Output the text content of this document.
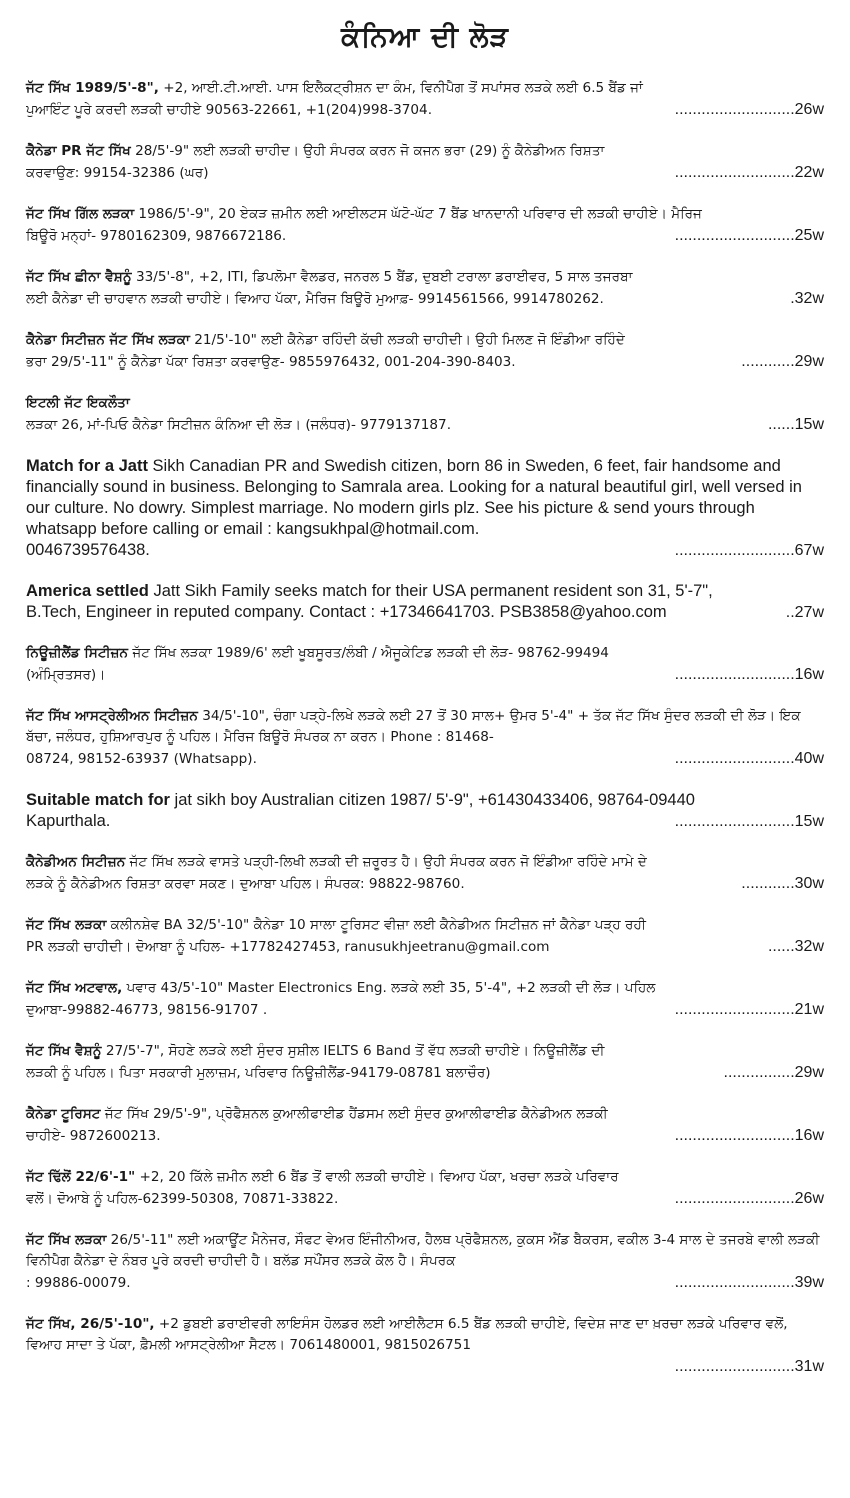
ਕੰਨਿਆ ਦੀ ਲੋੜ
ਜੱਟ ਸਿੱਖ 1989/5'-8", +2, ਆਈ.ਟੀ.ਆਈ. ਪਾਸ ਇਲੈਕਟ੍ਰੀਸ਼ਨ ਦਾ ਕੰਮ, ਵਿਨੀਪੈਗ ਤੋਂ ਸਪਾਂਸਰ ਲੜਕੇ ਲਈ 6.5 ਬੈਂਡ ਜਾਂ
ਪੁਆਇੰਟ ਪੂਰੇ ਕਰਦੀ ਲੜਕੀ ਚਾਹੀਏ 90563-22661, +1(204)998-3704.	...........................26w
ਕੈਨੇਡਾ PR ਜੱਟ ਸਿੱਖ 28/5'-9" ਲਈ ਲੜਕੀ ਚਾਹੀਦ। ਉਹੀ ਸੰਪਰਕ ਕਰਨ ਜੋ ਕਜਨ ਭਰਾ (29) ਨੂੰ ਕੈਨੇਡੀਅਨ ਰਿਸ਼ਤਾ
ਕਰਵਾਉਣ: 99154-32386 (ਘਰ)	...........................22w
ਜੱਟ ਸਿੱਖ ਗਿੱਲ ਲੜਕਾ 1986/5'-9", 20 ਏਕੜ ਜ਼ਮੀਨ ਲਈ ਆਈਲਟਸ ਘੱਟੋ-ਘੱਟ 7 ਬੈਂਡ ਖਾਨਦਾਨੀ ਪਰਿਵਾਰ ਦੀ ਲੜਕੀ ਚਾਹੀਏ। ਮੈਰਿਜ
ਬਿਊਰੋ ਮਨ੍ਹਾਂ- 9780162309, 9876672186.	...........................25w
ਜੱਟ ਸਿੱਖ ਛੀਨਾ ਵੈਸ਼ਨੂੰ 33/5'-8", +2, ITI, ਡਿਪਲੋਮਾ ਵੈਲਡਰ, ਜਨਰਲ 5 ਬੈਂਡ, ਦੁਬਈ ਟਰਾਲਾ ਡਰਾਈਵਰ, 5 ਸਾਲ ਤਜਰਬਾ
ਲਈ ਕੈਨੇਡਾ ਦੀ ਚਾਹਵਾਨ ਲੜਕੀ ਚਾਹੀਏ। ਵਿਆਹ ਪੱਕਾ, ਮੈਰਿਜ ਬਿਊਰੋ ਮੁਆਫ਼- 9914561566, 9914780262.	.32w
ਕੈਨੇਡਾ ਸਿਟੀਜ਼ਨ ਜੱਟ ਸਿੱਖ ਲੜਕਾ 21/5'-10" ਲਈ ਕੈਨੇਡਾ ਰਹਿੰਦੀ ਕੱਚੀ ਲੜਕੀ ਚਾਹੀਦੀ। ਉਹੀ ਮਿਲਣ ਜੋ ਇੰਡੀਆ ਰਹਿੰਦੇ
ਭਰਾ 29/5'-11" ਨੂੰ ਕੈਨੇਡਾ ਪੱਕਾ ਰਿਸ਼ਤਾ ਕਰਵਾਉਣ- 9855976432, 001-204-390-8403.	............29w
ਇਟਲੀ ਜੱਟ ਇਕਲੌਤਾ
ਲੜਕਾ 26, ਮਾਂ-ਪਿਓ ਕੈਨੇਡਾ ਸਿਟੀਜ਼ਨ ਕੰਨਿਆ ਦੀ ਲੋੜ। (ਜਲੰਧਰ)- 9779137187.	......15w
Match for a Jatt Sikh Canadian PR and Swedish citizen, born 86 in Sweden, 6 feet, fair handsome and financially sound in business. Belonging to Samrala area. Looking for a natural beautiful girl, well versed in our culture. No dowry. Simplest marriage. No modern girls plz. See his picture & send yours through whatsapp before calling or email : kangsukhpal@hotmail.com.
0046739576438.	...........................67w
America settled Jatt Sikh Family seeks match for their USA permanent resident son 31, 5'-7",
B.Tech, Engineer in reputed company. Contact : +17346641703. PSB3858@yahoo.com	..27w
ਨਿਊਜ਼ੀਲੈਂਡ ਸਿਟੀਜ਼ਨ ਜੱਟ ਸਿੱਖ ਲੜਕਾ 1989/6' ਲਈ ਖੂਬਸੂਰਤ/ਲੰਬੀ / ਐਜੂਕੇਟਿਡ ਲੜਕੀ ਦੀ ਲੋੜ- 98762-99494
(ਅੰਮ੍ਰਿਤਸਰ)।	...........................16w
ਜੱਟ ਸਿੱਖ ਆਸਟ੍ਰੇਲੀਅਨ ਸਿਟੀਜ਼ਨ 34/5'-10", ਚੰਗਾ ਪੜ੍ਹੇ-ਲਿਖੇ ਲੜਕੇ ਲਈ 27 ਤੋਂ 30 ਸਾਲ+ ਉਮਰ 5'-4" + ਤੱਕ ਜੱਟ ਸਿੱਖ ਸੁੰਦਰ ਲੜਕੀ ਦੀ ਲੋੜ। ਇਕ ਬੱਚਾ, ਜਲੰਧਰ, ਹੁਸ਼ਿਆਰਪੁਰ ਨੂੰ ਪਹਿਲ। ਮੈਰਿਜ ਬਿਊਰੋ ਸੰਪਰਕ ਨਾ ਕਰਨ। Phone : 81468-
08724, 98152-63937 (Whatsapp).	...........................40w
Suitable match for jat sikh boy Australian citizen 1987/ 5'-9", +61430433406, 98764-09440
Kapurthala.	...........................15w
ਕੈਨੇਡੀਅਨ ਸਿਟੀਜ਼ਨ ਜੱਟ ਸਿੱਖ ਲੜਕੇ ਵਾਸਤੇ ਪੜ੍ਹੀ-ਲਿਖੀ ਲੜਕੀ ਦੀ ਜ਼ਰੂਰਤ ਹੈ। ਉਹੀ ਸੰਪਰਕ ਕਰਨ ਜੋ ਇੰਡੀਆ ਰਹਿੰਦੇ ਮਾਮੇ ਦੇ
ਲੜਕੇ ਨੂੰ ਕੈਨੇਡੀਅਨ ਰਿਸ਼ਤਾ ਕਰਵਾ ਸਕਣ। ਦੁਆਬਾ ਪਹਿਲ। ਸੰਪਰਕ: 98822-98760.	............30w
ਜੱਟ ਸਿੱਖ ਲੜਕਾ ਕਲੀਨਸ਼ੇਵ BA 32/5'-10" ਕੈਨੇਡਾ 10 ਸਾਲਾ ਟੂਰਿਸਟ ਵੀਜ਼ਾ ਲਈ ਕੈਨੇਡੀਅਨ ਸਿਟੀਜ਼ਨ ਜਾਂ ਕੈਨੇਡਾ ਪੜ੍ਹ ਰਹੀ
PR ਲੜਕੀ ਚਾਹੀਦੀ। ਦੋਆਬਾ ਨੂੰ ਪਹਿਲ- +17782427453, ranusukhjeetranu@gmail.com	......32w
ਜੱਟ ਸਿੱਖ ਅਟਵਾਲ, ਪਵਾਰ 43/5'-10" Master Electronics Eng. ਲੜਕੇ ਲਈ 35, 5'-4", +2 ਲੜਕੀ ਦੀ ਲੋੜ। ਪਹਿਲ
ਦੁਆਬਾ-99882-46773, 98156-91707 .	...........................21w
ਜੱਟ ਸਿੱਖ ਵੈਸ਼ਨੂੰ 27/5'-7", ਸੋਹਣੇ ਲੜਕੇ ਲਈ ਸੁੰਦਰ ਸੁਸ਼ੀਲ IELTS 6 Band ਤੋਂ ਵੱਧ ਲੜਕੀ ਚਾਹੀਏ। ਨਿਊਜ਼ੀਲੈਂਡ ਦੀ
ਲੜਕੀ ਨੂੰ ਪਹਿਲ। ਪਿਤਾ ਸਰਕਾਰੀ ਮੁਲਾਜ਼ਮ, ਪਰਿਵਾਰ ਨਿਊਜ਼ੀਲੈਂਡ-94179-08781 ਬਲਾਚੌਰ)	................29w
ਕੈਨੇਡਾ ਟੂਰਿਸਟ ਜੱਟ ਸਿੱਖ 29/5'-9", ਪ੍ਰੋਫੈਸ਼ਨਲ ਕੁਆਲੀਫਾਈਡ ਹੈਂਡਸਮ ਲਈ ਸੁੰਦਰ ਕੁਆਲੀਫਾਈਡ ਕੈਨੇਡੀਅਨ ਲੜਕੀ
ਚਾਹੀਏ- 9872600213.	...........................16w
ਜੱਟ ਢਿੱਲੋਂ 22/6'-1" +2, 20 ਕਿੱਲੇ ਜ਼ਮੀਨ ਲਈ 6 ਬੈਂਡ ਤੋਂ ਵਾਲੀ ਲੜਕੀ ਚਾਹੀਏ। ਵਿਆਹ ਪੱਕਾ, ਖਰਚਾ ਲੜਕੇ ਪਰਿਵਾਰ
ਵਲੋਂ। ਦੋਆਬੇ ਨੂੰ ਪਹਿਲ-62399-50308, 70871-33822.	...........................26w
ਜੱਟ ਸਿੱਖ ਲੜਕਾ 26/5'-11" ਲਈ ਅਕਾਊਂਟ ਮੈਨੇਜਰ, ਸੌਫਟ ਵੇਅਰ ਇੰਜੀਨੀਅਰ, ਹੈਲਥ ਪ੍ਰੋਫੈਸ਼ਨਲ, ਕੁਕਸ ਐਂਡ ਬੈਕਰਸ, ਵਕੀਲ 3-4 ਸਾਲ ਦੇ ਤਜਰਬੇ ਵਾਲੀ ਲੜਕੀ ਵਿਨੀਪੈਗ ਕੈਨੇਡਾ ਦੇ ਨੰਬਰ ਪੂਰੇ ਕਰਦੀ ਚਾਹੀਦੀ ਹੈ। ਬਲੱਡ ਸਪੌਂਸਰ ਲੜਕੇ ਕੋਲ ਹੈ। ਸੰਪਰਕ
: 99886-00079.	...........................39w
ਜੱਟ ਸਿੱਖ, 26/5'-10", +2 ਡੁਬਈ ਡਰਾਈਵਰੀ ਲਾਇਸੰਸ ਹੋਲਡਰ ਲਈ ਆਈਲੈਟਸ 6.5 ਬੈਂਡ ਲੜਕੀ ਚਾਹੀਏ, ਵਿਦੇਸ਼ ਜਾਣ ਦਾ ਖ਼ਰਚਾ ਲੜਕੇ ਪਰਿਵਾਰ ਵਲੋਂ, ਵਿਆਹ ਸਾਦਾ ਤੇ ਪੱਕਾ, ਫ਼ੈਮਲੀ ਆਸਟ੍ਰੇਲੀਆ ਸੈਟਲ। 7061480001, 9815026751
...........................31w
